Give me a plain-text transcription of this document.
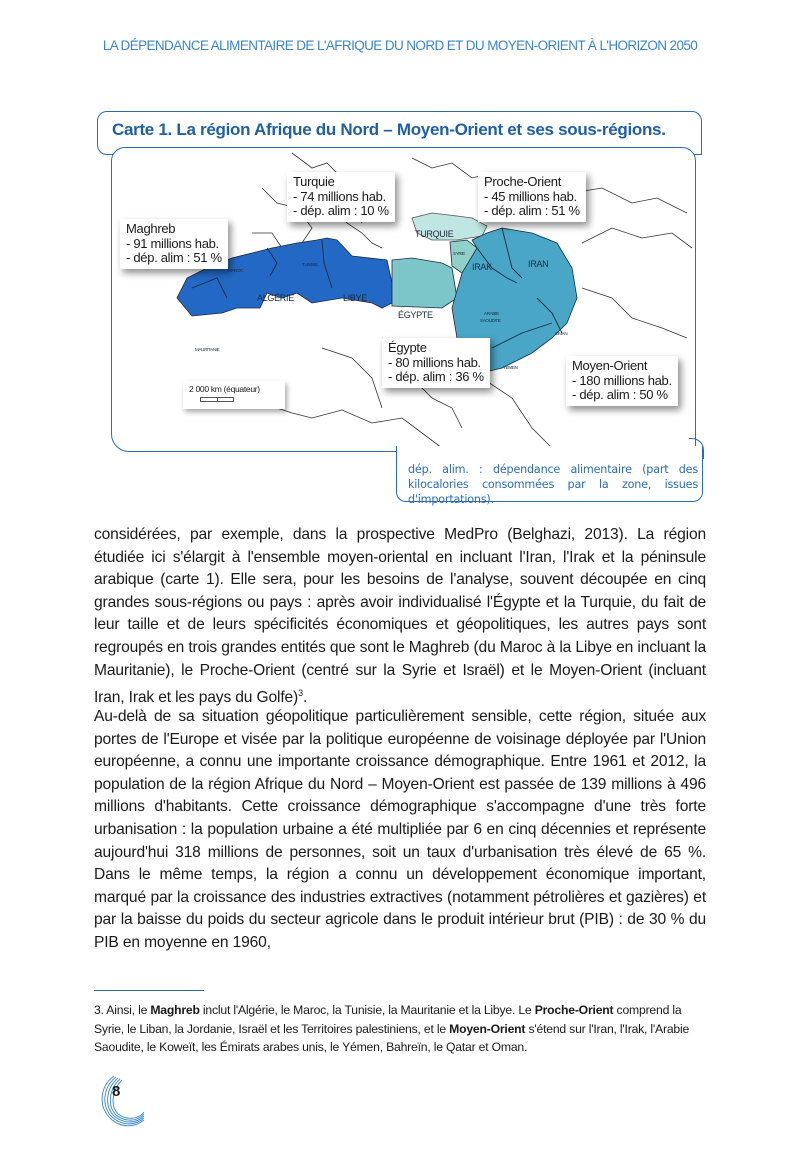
LA DÉPENDANCE ALIMENTAIRE DE L'AFRIQUE DU NORD ET DU MOYEN-ORIENT À L'HORIZON 2050
Carte 1. La région Afrique du Nord – Moyen-Orient et ses sous-régions.
MAROC
TUNISIE
ALGÉRIE	LIBYE
MAURITANIE
ÉGYPTE
TURQUIE
SYRIE
IRAK	IRAN
ARABIE
SAOUDITE
OMAN
YÉMEN
Maghreb
- 91 millions hab.
- dép. alim : 51 %
Turquie
- 74 millions hab.
- dép. alim : 10 %
Proche-Orient
- 45 millions hab.
- dép. alim : 51 %
Égypte
- 80 millions hab.
- dép. alim : 36 %
Moyen-Orient
- 180 millions hab.
- dép. alim : 50 %
2 000 km (équateur)
dép. alim. : dépendance alimentaire (part des kilocalories consommées par la zone, issues d'importations).

considérées, par exemple, dans la prospective MedPro (Belghazi, 2013). La région étudiée ici s'élargit à l'ensemble moyen-oriental en incluant l'Iran, l'Irak et la péninsule arabique (carte 1). Elle sera, pour les besoins de l'analyse, souvent découpée en cinq grandes sous-régions ou pays : après avoir individualisé l'Égypte et la Turquie, du fait de leur taille et de leurs spécificités économiques et géopolitiques, les autres pays sont regroupés en trois grandes entités que sont le Maghreb (du Maroc à la Libye en incluant la Mauritanie), le Proche-Orient (centré sur la Syrie et Israël) et le Moyen-Orient (incluant Iran, Irak et les pays du Golfe)$^3$.

Au-delà de sa situation géopolitique particulièrement sensible, cette région, située aux portes de l'Europe et visée par la politique européenne de voisinage déployée par l'Union européenne, a connu une importante croissance démographique. Entre 1961 et 2012, la population de la région Afrique du Nord – Moyen-Orient est passée de 139 millions à 496 millions d'habitants. Cette croissance démographique s'accompagne d'une très forte urbanisation : la population urbaine a été multipliée par 6 en cinq décennies et représente aujourd'hui 318 millions de personnes, soit un taux d'urbanisation très élevé de 65 %. Dans le même temps, la région a connu un développement économique important, marqué par la croissance des industries extractives (notamment pétrolières et gazières) et par la baisse du poids du secteur agricole dans le produit intérieur brut (PIB) : de 30 % du PIB en moyenne en 1960,

3. Ainsi, le Maghreb inclut l'Algérie, le Maroc, la Tunisie, la Mauritanie et la Libye. Le Proche-Orient comprend la Syrie, le Liban, la Jordanie, Israël et les Territoires palestiniens, et le Moyen-Orient s'étend sur l'Iran, l'Irak, l'Arabie Saoudite, le Koweït, les Émirats arabes unis, le Yémen, Bahreïn, le Qatar et Oman.
8
